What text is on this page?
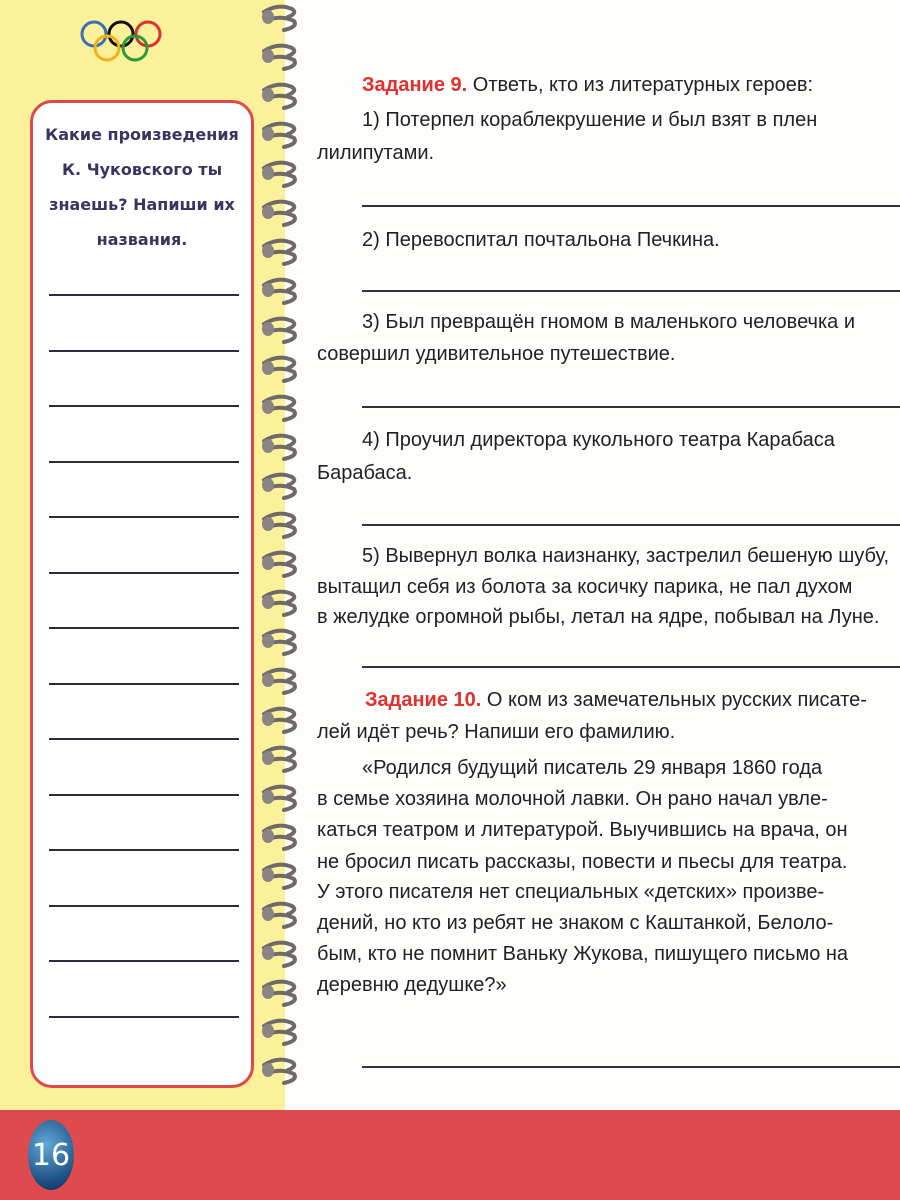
Какие произведения К. Чуковского ты знаешь? Напиши их названия.
Задание 9. Ответь, кто из литературных героев:
1) Потерпел кораблекрушение и был взят в плен
лилипутами.
2) Перевоспитал почтальона Печкина.
3) Был превращён гномом в маленького человечка и
совершил удивительное путешествие.
4) Проучил директора кукольного театра Карабаса
Барабаса.
5) Вывернул волка наизнанку, застрелил бешеную шубу,
вытащил себя из болота за косичку парика, не пал духом
в желудке огромной рыбы, летал на ядре, побывал на Луне.
Задание 10. О ком из замечательных русских писате-
лей идёт речь? Напиши его фамилию.
«Родился будущий писатель 29 января 1860 года
в семье хозяина молочной лавки. Он рано начал увле-
каться театром и литературой. Выучившись на врача, он
не бросил писать рассказы, повести и пьесы для театра.
У этого писателя нет специальных «детских» произве-
дений, но кто из ребят не знаком с Каштанкой, Белоло-
бым, кто не помнит Ваньку Жукова, пишущего письмо на
деревню дедушке?»
16
